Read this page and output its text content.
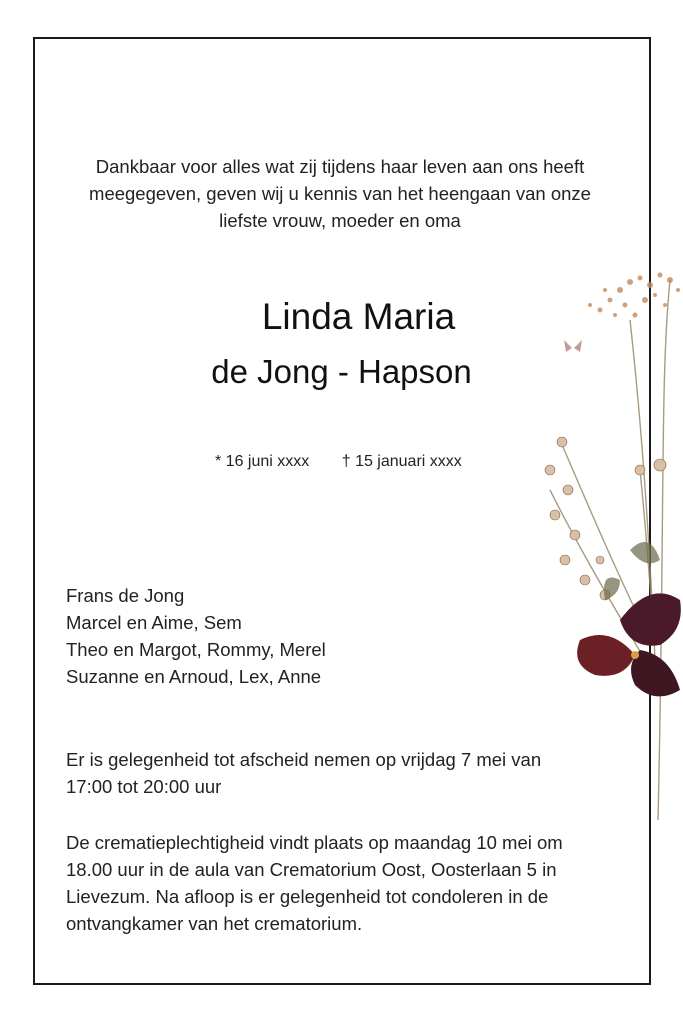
Dankbaar voor alles wat zij tijdens haar leven aan ons heeft
meegegeven, geven wij u kennis van het heengaan van onze
liefste vrouw, moeder en oma
Linda Maria
de Jong - Hapson
* 16 juni xxxx † 15 januari xxxx
Frans de Jong
Marcel en Aime, Sem
Theo en Margot, Rommy, Merel
Suzanne en Arnoud, Lex, Anne
Er is gelegenheid tot afscheid nemen op vrijdag 7 mei van
17:00 tot 20:00 uur
De crematieplechtigheid vindt plaats op maandag 10 mei om
18.00 uur in de aula van Crematorium Oost, Oosterlaan 5 in
Lievezum. Na afloop is er gelegenheid tot condoleren in de
ontvangkamer van het crematorium.
